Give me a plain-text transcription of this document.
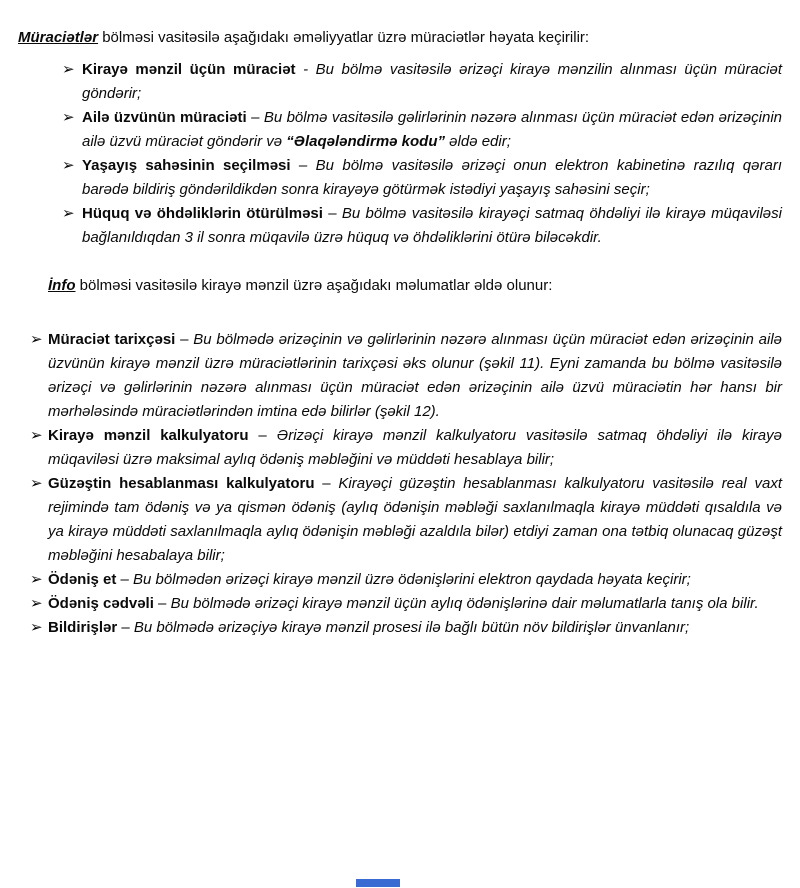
Müraciətlər bölməsi vasitəsilə aşağıdakı əməliyyatlar üzrə müraciətlər həyata keçirilir:

➢ Kirayə mənzil üçün müraciət - Bu bölmə vasitəsilə ərizəçi kirayə mənzilin alınması üçün müraciət göndərir;
➢ Ailə üzvünün müraciəti – Bu bölmə vasitəsilə gəlirlərinin nəzərə alınması üçün müraciət edən ərizəçinin ailə üzvü müraciət göndərir və “Əlaqələndirmə kodu” əldə edir;
➢ Yaşayış sahəsinin seçilməsi – Bu bölmə vasitəsilə ərizəçi onun elektron kabinetinə razılıq qərarı barədə bildiriş göndərildikdən sonra kirayəyə götürmək istədiyi yaşayış sahəsini seçir;
➢ Hüquq və öhdəliklərin ötürülməsi – Bu bölmə vasitəsilə kirayəçi satmaq öhdəliyi ilə kirayə müqaviləsi bağlanıldıqdan 3 il sonra müqavilə üzrə hüquq və öhdəliklərini ötürə biləcəkdir.

İnfo bölməsi vasitəsilə kirayə mənzil üzrə aşağıdakı məlumatlar əldə olunur:

➢ Müraciət tarixçəsi – Bu bölmədə ərizəçinin və gəlirlərinin nəzərə alınması üçün müraciət edən ərizəçinin ailə üzvünün kirayə mənzil üzrə müraciətlərinin tarixçəsi əks olunur (şəkil 11). Eyni zamanda bu bölmə vasitəsilə ərizəçi və gəlirlərinin nəzərə alınması üçün müraciət edən ərizəçinin ailə üzvü müraciətin hər hansı bir mərhələsində müraciətlərindən imtina edə bilirlər (şəkil 12).
➢ Kirayə mənzil kalkulyatoru – Ərizəçi kirayə mənzil kalkulyatoru vasitəsilə satmaq öhdəliyi ilə kirayə müqaviləsi üzrə maksimal aylıq ödəniş məbləğini və müddəti hesablaya bilir;
➢ Güzəştin hesablanması kalkulyatoru – Kirayəçi güzəştin hesablanması kalkulyatoru vasitəsilə real vaxt rejimində tam ödəniş və ya qismən ödəniş (aylıq ödənişin məbləği saxlanılmaqla kirayə müddəti qısaldıla və ya kirayə müddəti saxlanılmaqla aylıq ödənişin məbləği azaldıla bilər) etdiyi zaman ona tətbiq olunacaq güzəşt məbləğini hesabalaya bilir;
➢ Ödəniş et – Bu bölmədən ərizəçi kirayə mənzil üzrə ödənişlərini elektron qaydada həyata keçirir;
➢ Ödəniş cədvəli – Bu bölmədə ərizəçi kirayə mənzil üçün aylıq ödənişlərinə dair məlumatlarla tanış ola bilir.
➢ Bildirişlər – Bu bölmədə ərizəçiyə kirayə mənzil prosesi ilə bağlı bütün növ bildirişlər ünvanlanır;
